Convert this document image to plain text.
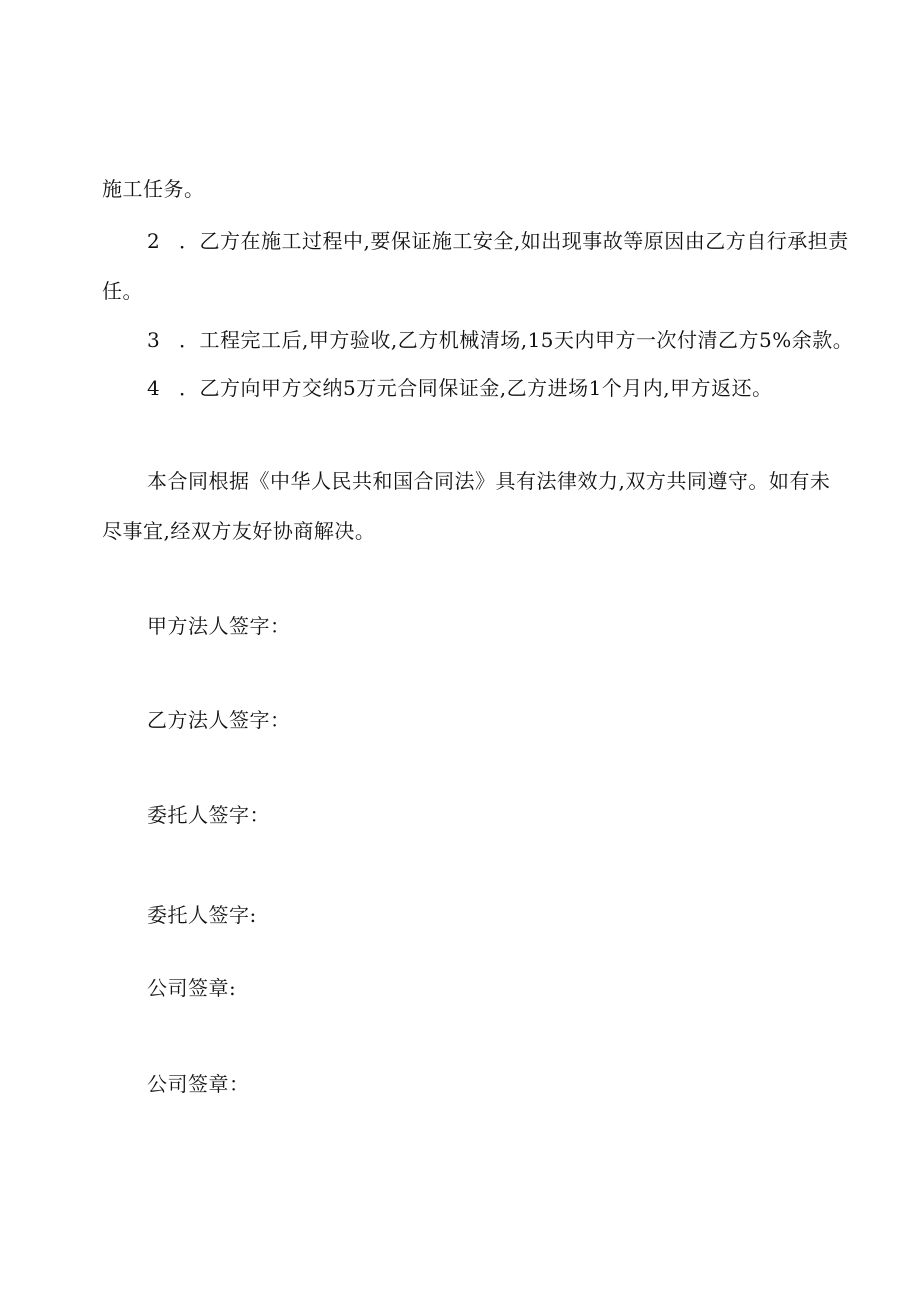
施工任务。
2 ．乙方在施工过程中,要保证施工安全,如出现事故等原因由乙方自行承担责
任。
3 ．工程完工后,甲方验收,乙方机械清场,15天内甲方一次付清乙方5%余款。
4 ．乙方向甲方交纳5万元合同保证金,乙方进场1个月内,甲方返还。
本合同根据《中华人民共和国合同法》具有法律效力,双方共同遵守。如有未
尽事宜,经双方友好协商解决。
甲方法人签字：
乙方法人签字：
委托人签字：
委托人签字:
公司签章:
公司签章：
